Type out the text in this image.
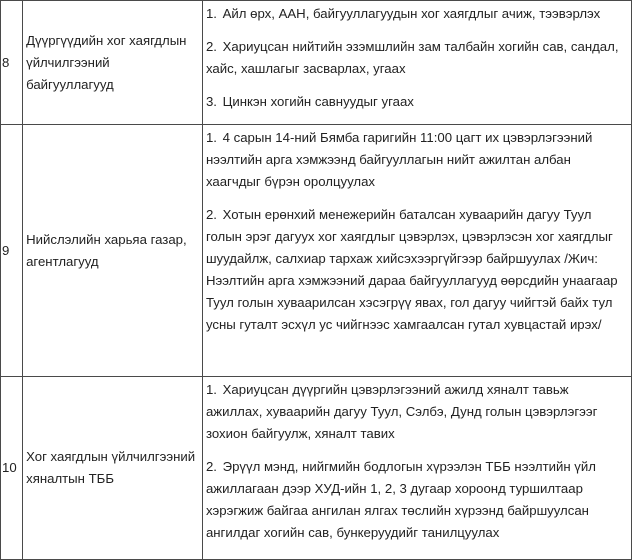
8	Дүүргүүдийн хог хаягдлын үйлчилгээний байгууллагууд	1. Айл өрх, ААН, байгууллагуудын хог хаягдлыг ачиж, тээвэрлэх
2. Хариуцсан нийтийн эзэмшлийн зам талбайн хогийн сав, сандал, хайс, хашлагыг засварлах, угаах
3. Цинкэн хогийн савнуудыг угаах

9	Нийслэлийн харьяа газар, агентлагууд	1. 4 сарын 14-ний Бямба гаригийн 11:00 цагт их цэвэрлэгээний нээлтийн арга хэмжээнд байгууллагын нийт ажилтан албан хаагчдыг бүрэн оролцуулах
2. Хотын ерөнхий менежерийн баталсан хуваарийн дагуу Туул голын эрэг дагуух хог хаягдлыг цэвэрлэх, цэвэрлэсэн хог хаягдлыг шуудайлж, салхиар тархаж хийсэхээргүйгээр байршуулах /Жич: Нээлтийн арга хэмжээний дараа байгууллагууд өөрсдийн унаагаар Туул голын хуваарилсан хэсэгрүү явах, гол дагуу чийгтэй байх тул усны гуталт эсхүл ус чийгнээс хамгаалсан гутал хувцастай ирэх/

10	Хог хаягдлын үйлчилгээний хяналтын ТББ	1. Хариуцсан дүүргийн цэвэрлэгээний ажилд хяналт тавьж ажиллах, хуваарийн дагуу Туул, Сэлбэ, Дунд голын цэвэрлэгээг зохион байгуулж, хяналт тавих
2. Эрүүл мэнд, нийгмийн бодлогын хүрээлэн ТББ нээлтийн үйл ажиллагаан дээр ХУД-ийн 1, 2, 3 дугаар хороонд туршилтаар хэрэгжиж байгаа ангилан ялгах төслийн хүрээнд байршуулсан ангилдаг хогийн сав, бункеруудийг танилцуулах
